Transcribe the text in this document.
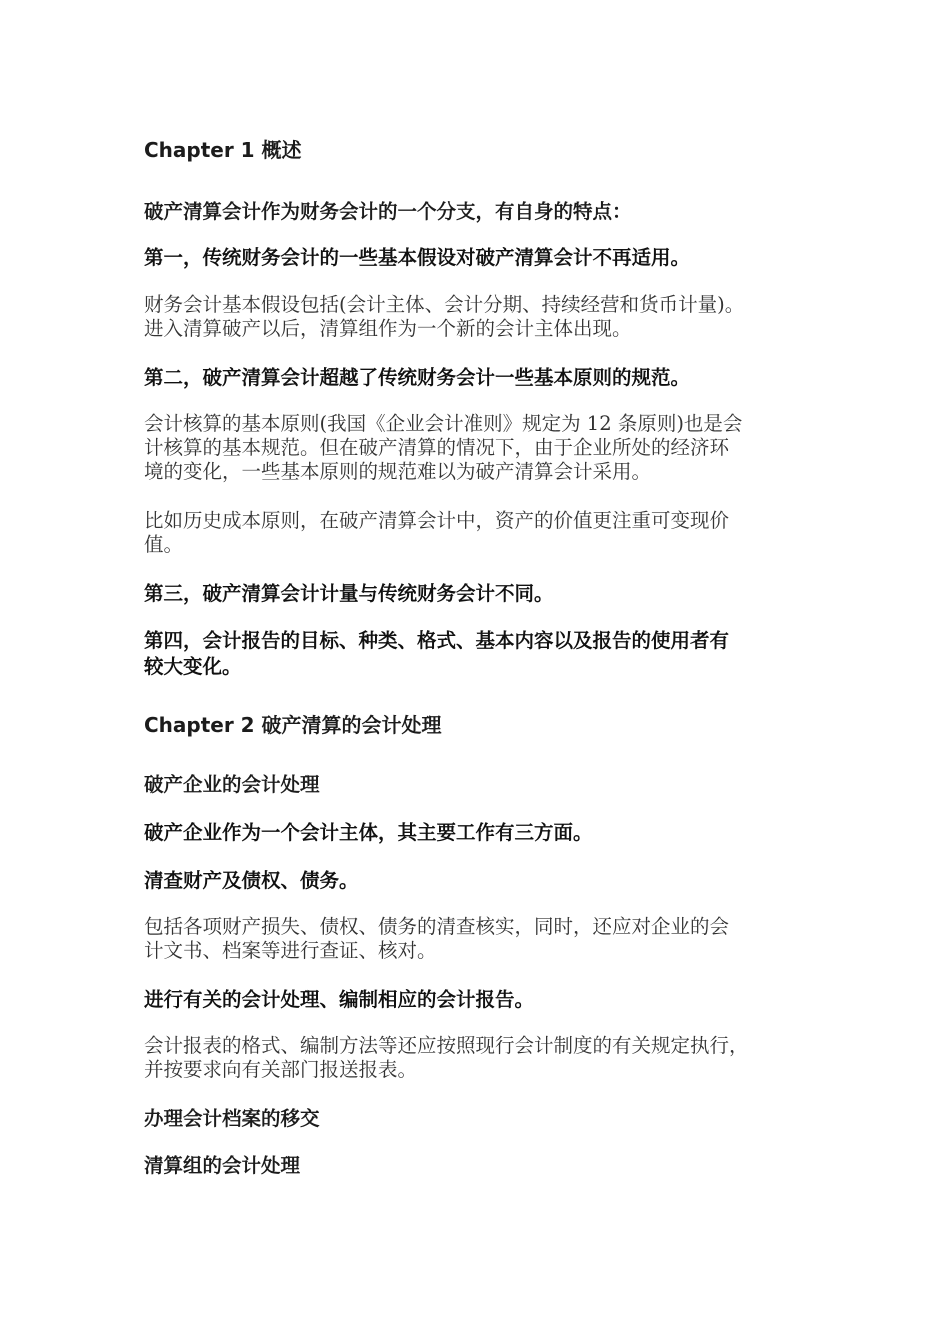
Chapter 1 概述
破产清算会计作为财务会计的一个分支，有自身的特点：
第一，传统财务会计的一些基本假设对破产清算会计不再适用。
财务会计基本假设包括(会计主体、会计分期、持续经营和货币计量)。
进入清算破产以后，清算组作为一个新的会计主体出现。
第二，破产清算会计超越了传统财务会计一些基本原则的规范。
会计核算的基本原则(我国《企业会计准则》规定为 12 条原则)也是会
计核算的基本规范。但在破产清算的情况下，由于企业所处的经济环
境的变化，一些基本原则的规范难以为破产清算会计采用。
比如历史成本原则，在破产清算会计中，资产的价值更注重可变现价
值。
第三，破产清算会计计量与传统财务会计不同。
第四，会计报告的目标、种类、格式、基本内容以及报告的使用者有
较大变化。
Chapter 2 破产清算的会计处理
破产企业的会计处理
破产企业作为一个会计主体，其主要工作有三方面。
清查财产及债权、债务。
包括各项财产损失、债权、债务的清查核实，同时，还应对企业的会
计文书、档案等进行查证、核对。
进行有关的会计处理、编制相应的会计报告。
会计报表的格式、编制方法等还应按照现行会计制度的有关规定执行，
并按要求向有关部门报送报表。
办理会计档案的移交
清算组的会计处理
